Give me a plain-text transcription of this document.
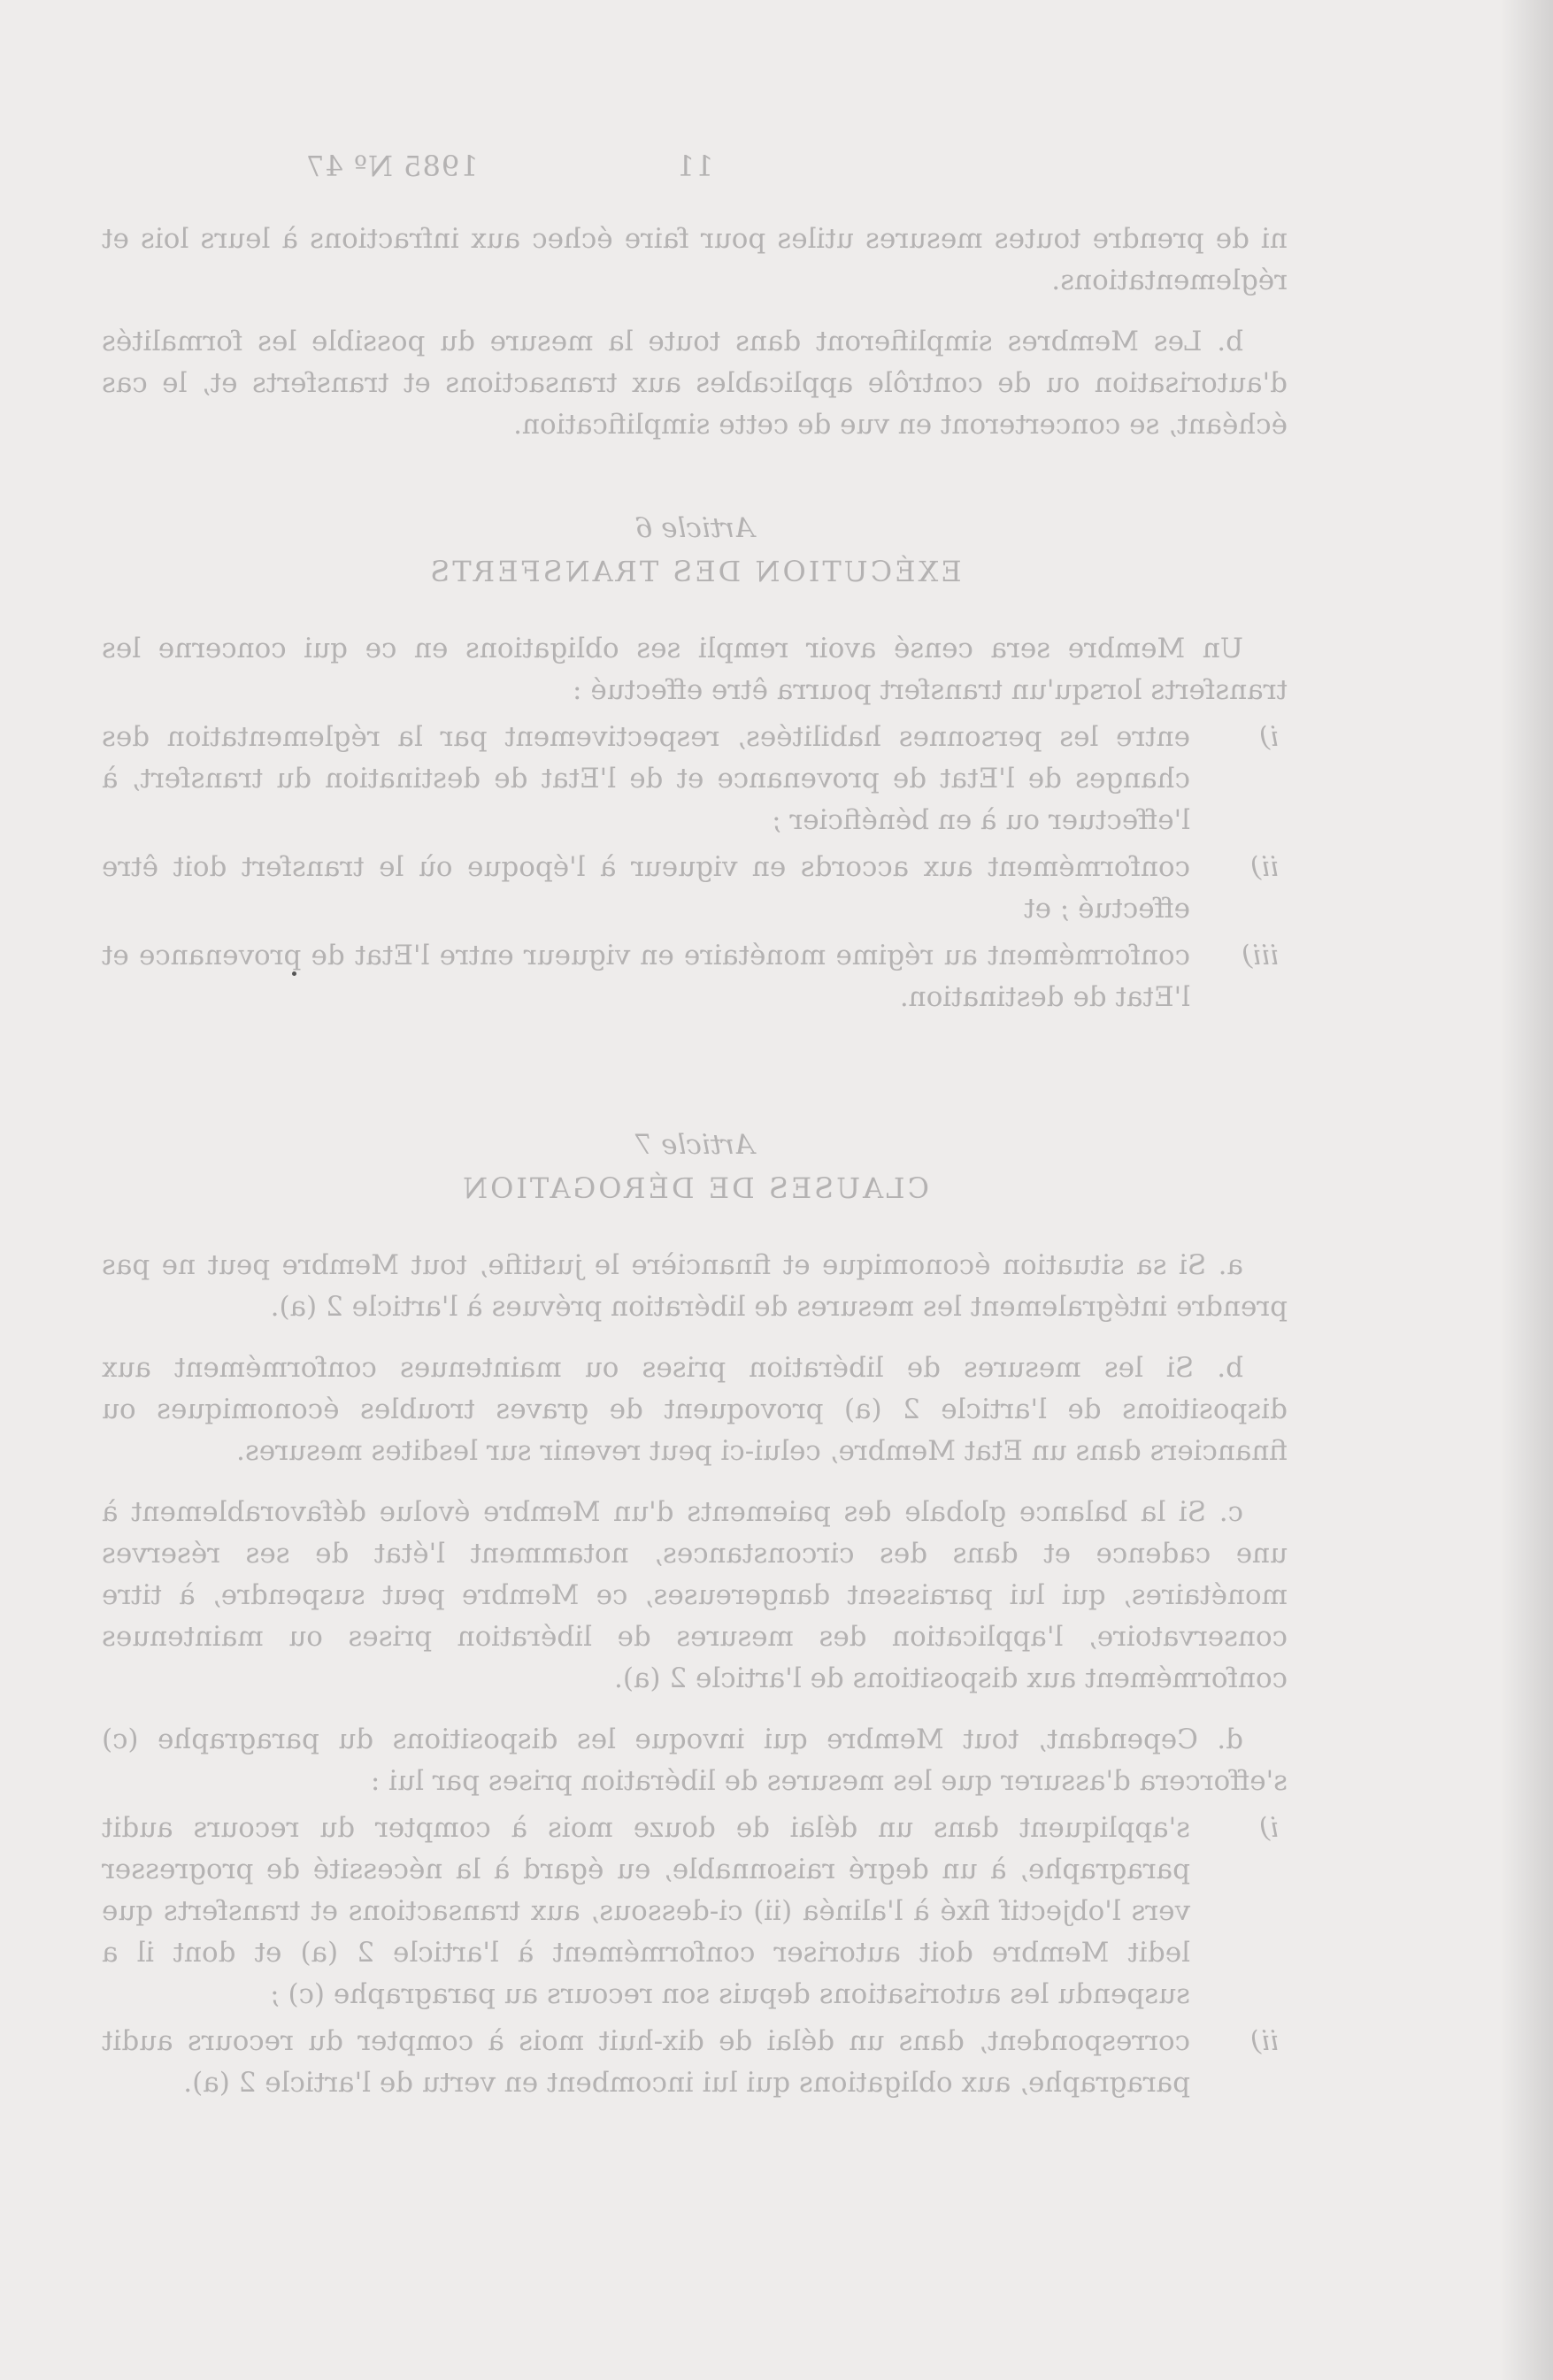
11
1985 Nº 47

ni de prendre toutes mesures utiles pour faire échec aux infractions à leurs lois et réglementations.

b. Les Membres simplifieront dans toute la mesure du possible les formalités d'autorisation ou de contrôle applicables aux transactions et transferts et, le cas échéant, se concerteront en vue de cette simplification.

Article 6
EXÉCUTION DES TRANSFERTS

Un Membre sera censé avoir rempli ses obligations en ce qui concerne les transferts lorsqu'un transfert pourra être effectué :

i)
entre les personnes habilitées, respectivement par la réglementation des changes de l'Etat de provenance et de l'Etat de destination du transfert, à l'effectuer ou à en bénéficier ;
ii)
conformément aux accords en vigueur à l'époque où le transfert doit être effectué ; et
iii)
conformément au régime monétaire en vigueur entre l'Etat de provenance et l'Etat de destination.
Article 7
CLAUSES DE DÉROGATION

a. Si sa situation économique et financière le justifie, tout Membre peut ne pas prendre intégralement les mesures de libération prévues à l'article 2 (a).

b. Si les mesures de libération prises ou maintenues conformément aux dispositions de l'article 2 (a) provoquent de graves troubles économiques ou financiers dans un Etat Membre, celui-ci peut revenir sur lesdites mesures.

c. Si la balance globale des paiements d'un Membre évolue défavorablement à une cadence et dans des circonstances, notamment l'état de ses réserves monétaires, qui lui paraissent dangereuses, ce Membre peut suspendre, à titre conservatoire, l'application des mesures de libération prises ou maintenues conformément aux dispositions de l'article 2 (a).

d. Cependant, tout Membre qui invoque les dispositions du paragraphe (c) s'efforcera d'assurer que les mesures de libération prises par lui :

i)
s'appliquent dans un délai de douze mois à compter du recours audit paragraphe, à un degré raisonnable, eu égard à la nécessité de progresser vers l'objectif fixé à l'alinéa (ii) ci-dessous, aux transactions et transferts que ledit Membre doit autoriser conformément à l'article 2 (a) et dont il a suspendu les autorisations depuis son recours au paragraphe (c) ;
ii)
correspondent, dans un délai de dix-huit mois à compter du recours audit paragraphe, aux obligations qui lui incombent en vertu de l'article 2 (a).
